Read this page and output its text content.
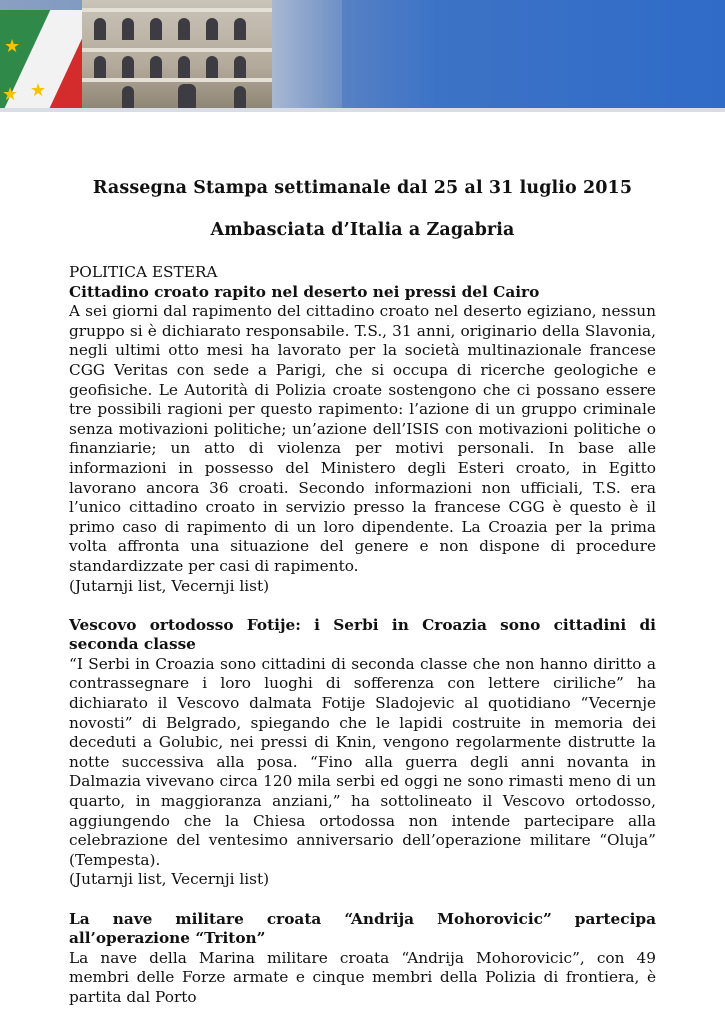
★
★
★
Rassegna Stampa settimanale dal 25 al 31 luglio 2015
Ambasciata d’Italia a Zagabria

POLITICA ESTERA

Cittadino croato rapito nel deserto nei pressi del Cairo

A sei giorni dal rapimento del cittadino croato nel deserto egiziano, nessun gruppo si è dichiarato responsabile. T.S., 31 anni, originario della Slavonia, negli ultimi otto mesi ha lavorato per la società multinazionale francese CGG Veritas con sede a Parigi, che si occupa di ricerche geologiche e geofisiche. Le Autorità di Polizia croate sostengono che ci possano essere tre possibili ragioni per questo rapimento: l’azione di un gruppo criminale senza motivazioni politiche; un’azione dell’ISIS con motivazioni politiche o finanziarie; un atto di violenza per motivi personali. In base alle informazioni in possesso del Ministero degli Esteri croato, in Egitto lavorano ancora 36 croati. Secondo informazioni non ufficiali, T.S. era l’unico cittadino croato in servizio presso la francese CGG è questo è il primo caso di rapimento di un loro dipendente. La Croazia per la prima volta affronta una situazione del genere e non dispone di procedure standardizzate per casi di rapimento.

(Jutarnji list, Vecernji list)

Vescovo ortodosso Fotije: i Serbi in Croazia sono cittadini di seconda classe

“I Serbi in Croazia sono cittadini di seconda classe che non hanno diritto a contrassegnare i loro luoghi di sofferenza con lettere ciriliche” ha dichiarato il Vescovo dalmata Fotije Sladojevic al quotidiano “Vecernje novosti” di Belgrado, spiegando che le lapidi costruite in memoria dei deceduti a Golubic, nei pressi di Knin, vengono regolarmente distrutte la notte successiva alla posa. “Fino alla guerra degli anni novanta in Dalmazia vivevano circa 120 mila serbi ed oggi ne sono rimasti meno di un quarto, in maggioranza anziani,” ha sottolineato il Vescovo ortodosso, aggiungendo che la Chiesa ortodossa non intende partecipare alla celebrazione del ventesimo anniversario dell’operazione militare “Oluja” (Tempesta).

(Jutarnji list, Vecernji list)

La nave militare croata “Andrija Mohorovicic” partecipa all’operazione “Triton”

La nave della Marina militare croata “Andrija Mohorovicic”, con 49 membri delle Forze armate e cinque membri della Polizia di frontiera, è partita dal Porto
